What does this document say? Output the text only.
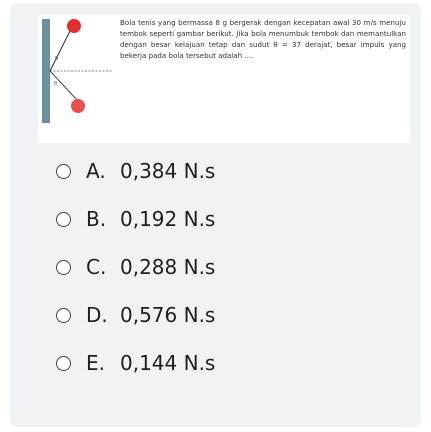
θ
θ
Bola tenis yang bermassa 8 g bergerak dengan kecepatan awal 30 m/s menuju tembok seperti gambar berikut. Jika bola menumbuk tembok dan memantulkan dengan besar kelajuan tetap dan sudut θ = 37 derajat, besar impuls yang bekerja pada bola tersebut adalah ....
A. 0,384 N.s
B. 0,192 N.s
C. 0,288 N.s
D. 0,576 N.s
E. 0,144 N.s
